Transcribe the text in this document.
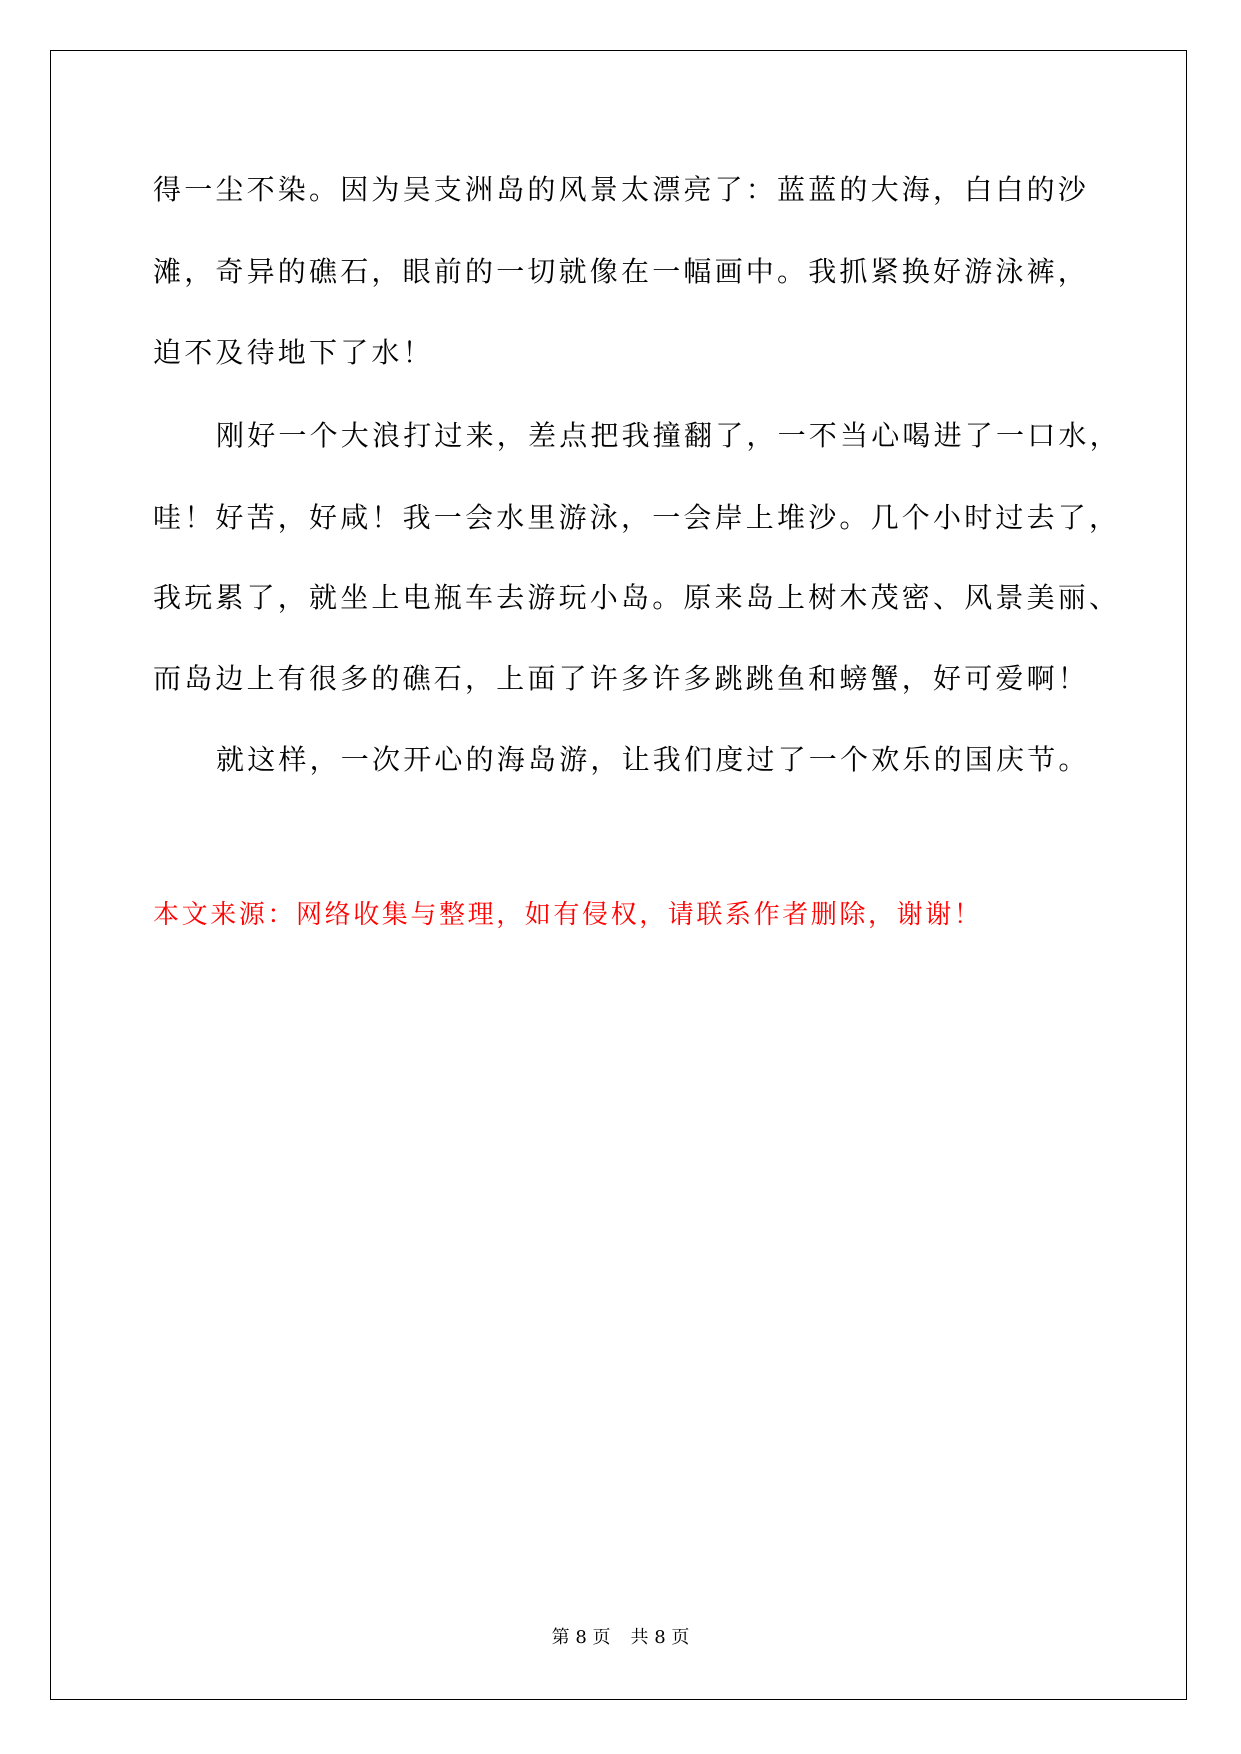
得一尘不染。因为吴支洲岛的风景太漂亮了：蓝蓝的大海，白白的沙
滩，奇异的礁石，眼前的一切就像在一幅画中。我抓紧换好游泳裤，
迫不及待地下了水！
刚好一个大浪打过来，差点把我撞翻了，一不当心喝进了一口水，
哇！好苦，好咸！我一会水里游泳，一会岸上堆沙。几个小时过去了，
我玩累了，就坐上电瓶车去游玩小岛。原来岛上树木茂密、风景美丽、
而岛边上有很多的礁石，上面了许多许多跳跳鱼和螃蟹，好可爱啊！
就这样，一次开心的海岛游，让我们度过了一个欢乐的国庆节。
本文来源：网络收集与整理，如有侵权，请联系作者删除，谢谢！
第 8 页 共 8 页
